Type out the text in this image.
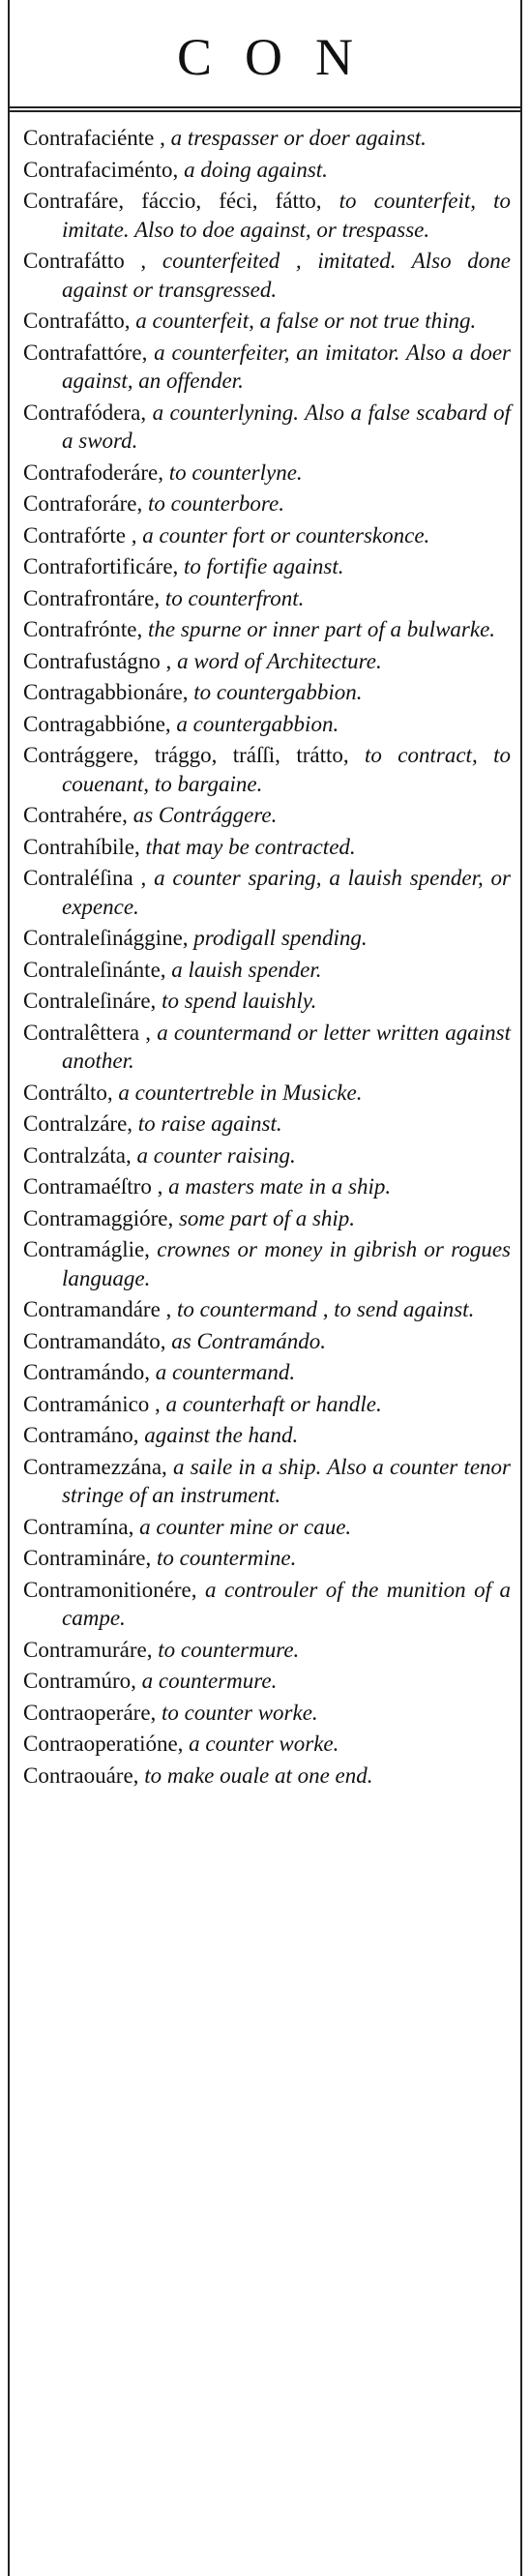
CON
Contrafaciénte , a trespasser or doer against.
Contrafaciménto, a doing against.
Contrafáre, fáccio, féci, fátto, to counterfeit, to imitate. Also to doe against, or trespasse.
Contrafátto , counterfeited , imitated. Also done against or transgressed.
Contrafátto, a counterfeit, a false or not true thing.
Contrafattóre, a counterfeiter, an imitator. Also a doer against, an offender.
Contrafódera, a counterlyning. Also a false scabard of a sword.
Contrafoderáre, to counterlyne.
Contraforáre, to counterbore.
Contrafórte , a counter fort or counterskonce.
Contrafortificáre, to fortifie against.
Contrafrontáre, to counterfront.
Contrafrónte, the spurne or inner part of a bulwarke.
Contrafustágno , a word of Architecture.
Contragabbionáre, to countergabbion.
Contragabbióne, a countergabbion.
Contrággere, trággo, tráſſi, trátto, to contract, to couenant, to bargaine.
Contrahére, as Contrággere.
Contrahíbile, that may be contracted.
Contraléſina , a counter sparing, a lauish spender, or expence.
Contraleſinággine, prodigall spending.
Contraleſinánte, a lauish spender.
Contraleſináre, to spend lauishly.
Contralêttera , a countermand or letter written against another.
Contrálto, a countertreble in Musicke.
Contralzáre, to raise against.
Contralzáta, a counter raising.
Contramaéſtro , a masters mate in a ship.
Contramaggióre, some part of a ship.
Contramáglie, crownes or money in gibrish or rogues language.
Contramandáre , to countermand , to send against.
Contramandáto, as Contramándo.
Contramándo, a countermand.
Contramánico , a counterhaft or handle.
Contramáno, against the hand.
Contramezzána, a saile in a ship. Also a counter tenor stringe of an instrument.
Contramína, a counter mine or caue.
Contramináre, to countermine.
Contramonitionére, a controuler of the munition of a campe.
Contramuráre, to countermure.
Contramúro, a countermure.
Contraoperáre, to counter worke.
Contraoperatióne, a counter worke.
Contraouáre, to make ouale at one end.
